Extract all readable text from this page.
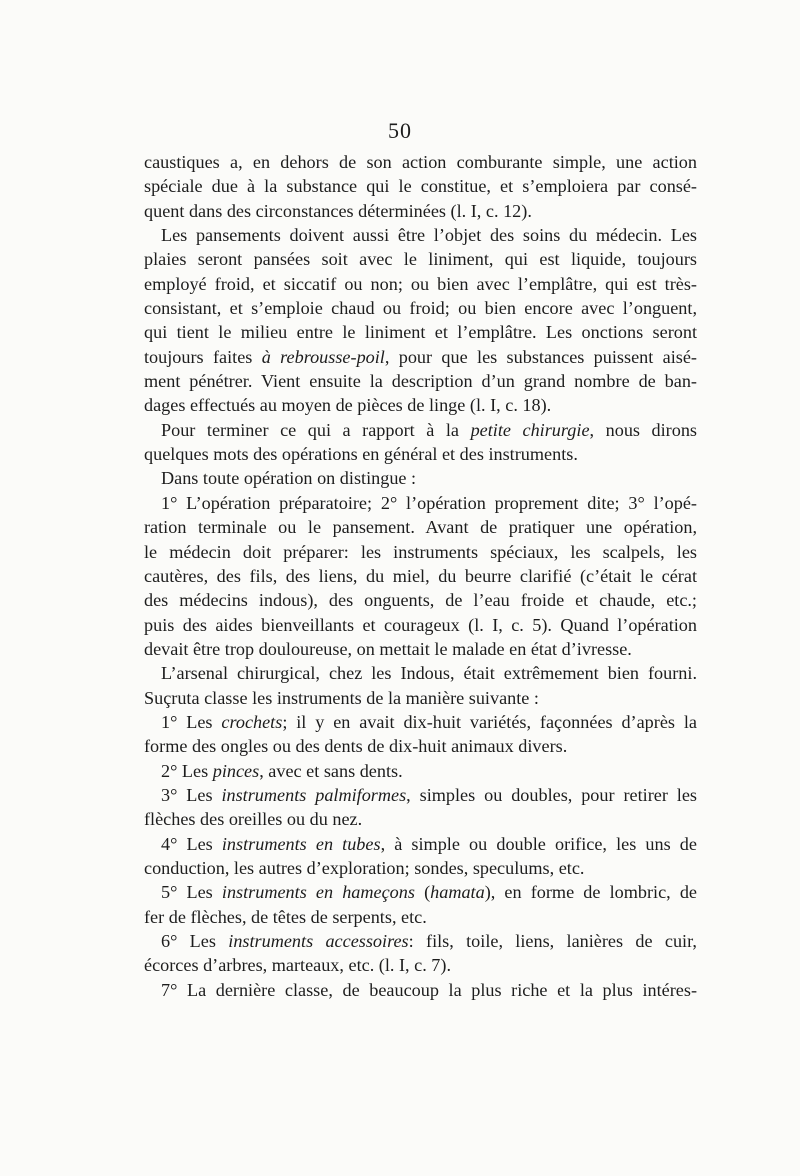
50

caustiques a, en dehors de son action comburante simple, une action

spéciale due à la substance qui le constitue, et s’emploiera par consé-

quent dans des circonstances déterminées (l. I, c. 12).

Les pansements doivent aussi être l’objet des soins du médecin. Les

plaies seront pansées soit avec le liniment, qui est liquide, toujours

employé froid, et siccatif ou non; ou bien avec l’emplâtre, qui est très-

consistant, et s’emploie chaud ou froid; ou bien encore avec l’onguent,

qui tient le milieu entre le liniment et l’emplâtre. Les onctions seront

toujours faites à rebrousse-poil, pour que les substances puissent aisé-

ment pénétrer. Vient ensuite la description d’un grand nombre de ban-

dages effectués au moyen de pièces de linge (l. I, c. 18).

Pour terminer ce qui a rapport à la petite chirurgie, nous dirons

quelques mots des opérations en général et des instruments.

Dans toute opération on distingue :

1° L’opération préparatoire; 2° l’opération proprement dite; 3° l’opé-

ration terminale ou le pansement. Avant de pratiquer une opération,

le médecin doit préparer: les instruments spéciaux, les scalpels, les

cautères, des fils, des liens, du miel, du beurre clarifié (c’était le cérat

des médecins indous), des onguents, de l’eau froide et chaude, etc.;

puis des aides bienveillants et courageux (l. I, c. 5). Quand l’opération

devait être trop douloureuse, on mettait le malade en état d’ivresse.

L’arsenal chirurgical, chez les Indous, était extrêmement bien fourni.

Suçruta classe les instruments de la manière suivante :

1° Les crochets; il y en avait dix-huit variétés, façonnées d’après la

forme des ongles ou des dents de dix-huit animaux divers.

2° Les pinces, avec et sans dents.

3° Les instruments palmiformes, simples ou doubles, pour retirer les

flèches des oreilles ou du nez.

4° Les instruments en tubes, à simple ou double orifice, les uns de

conduction, les autres d’exploration; sondes, speculums, etc.

5° Les instruments en hameçons (hamata), en forme de lombric, de

fer de flèches, de têtes de serpents, etc.

6° Les instruments accessoires: fils, toile, liens, lanières de cuir,

écorces d’arbres, marteaux, etc. (l. I, c. 7).

7° La dernière classe, de beaucoup la plus riche et la plus intéres-
